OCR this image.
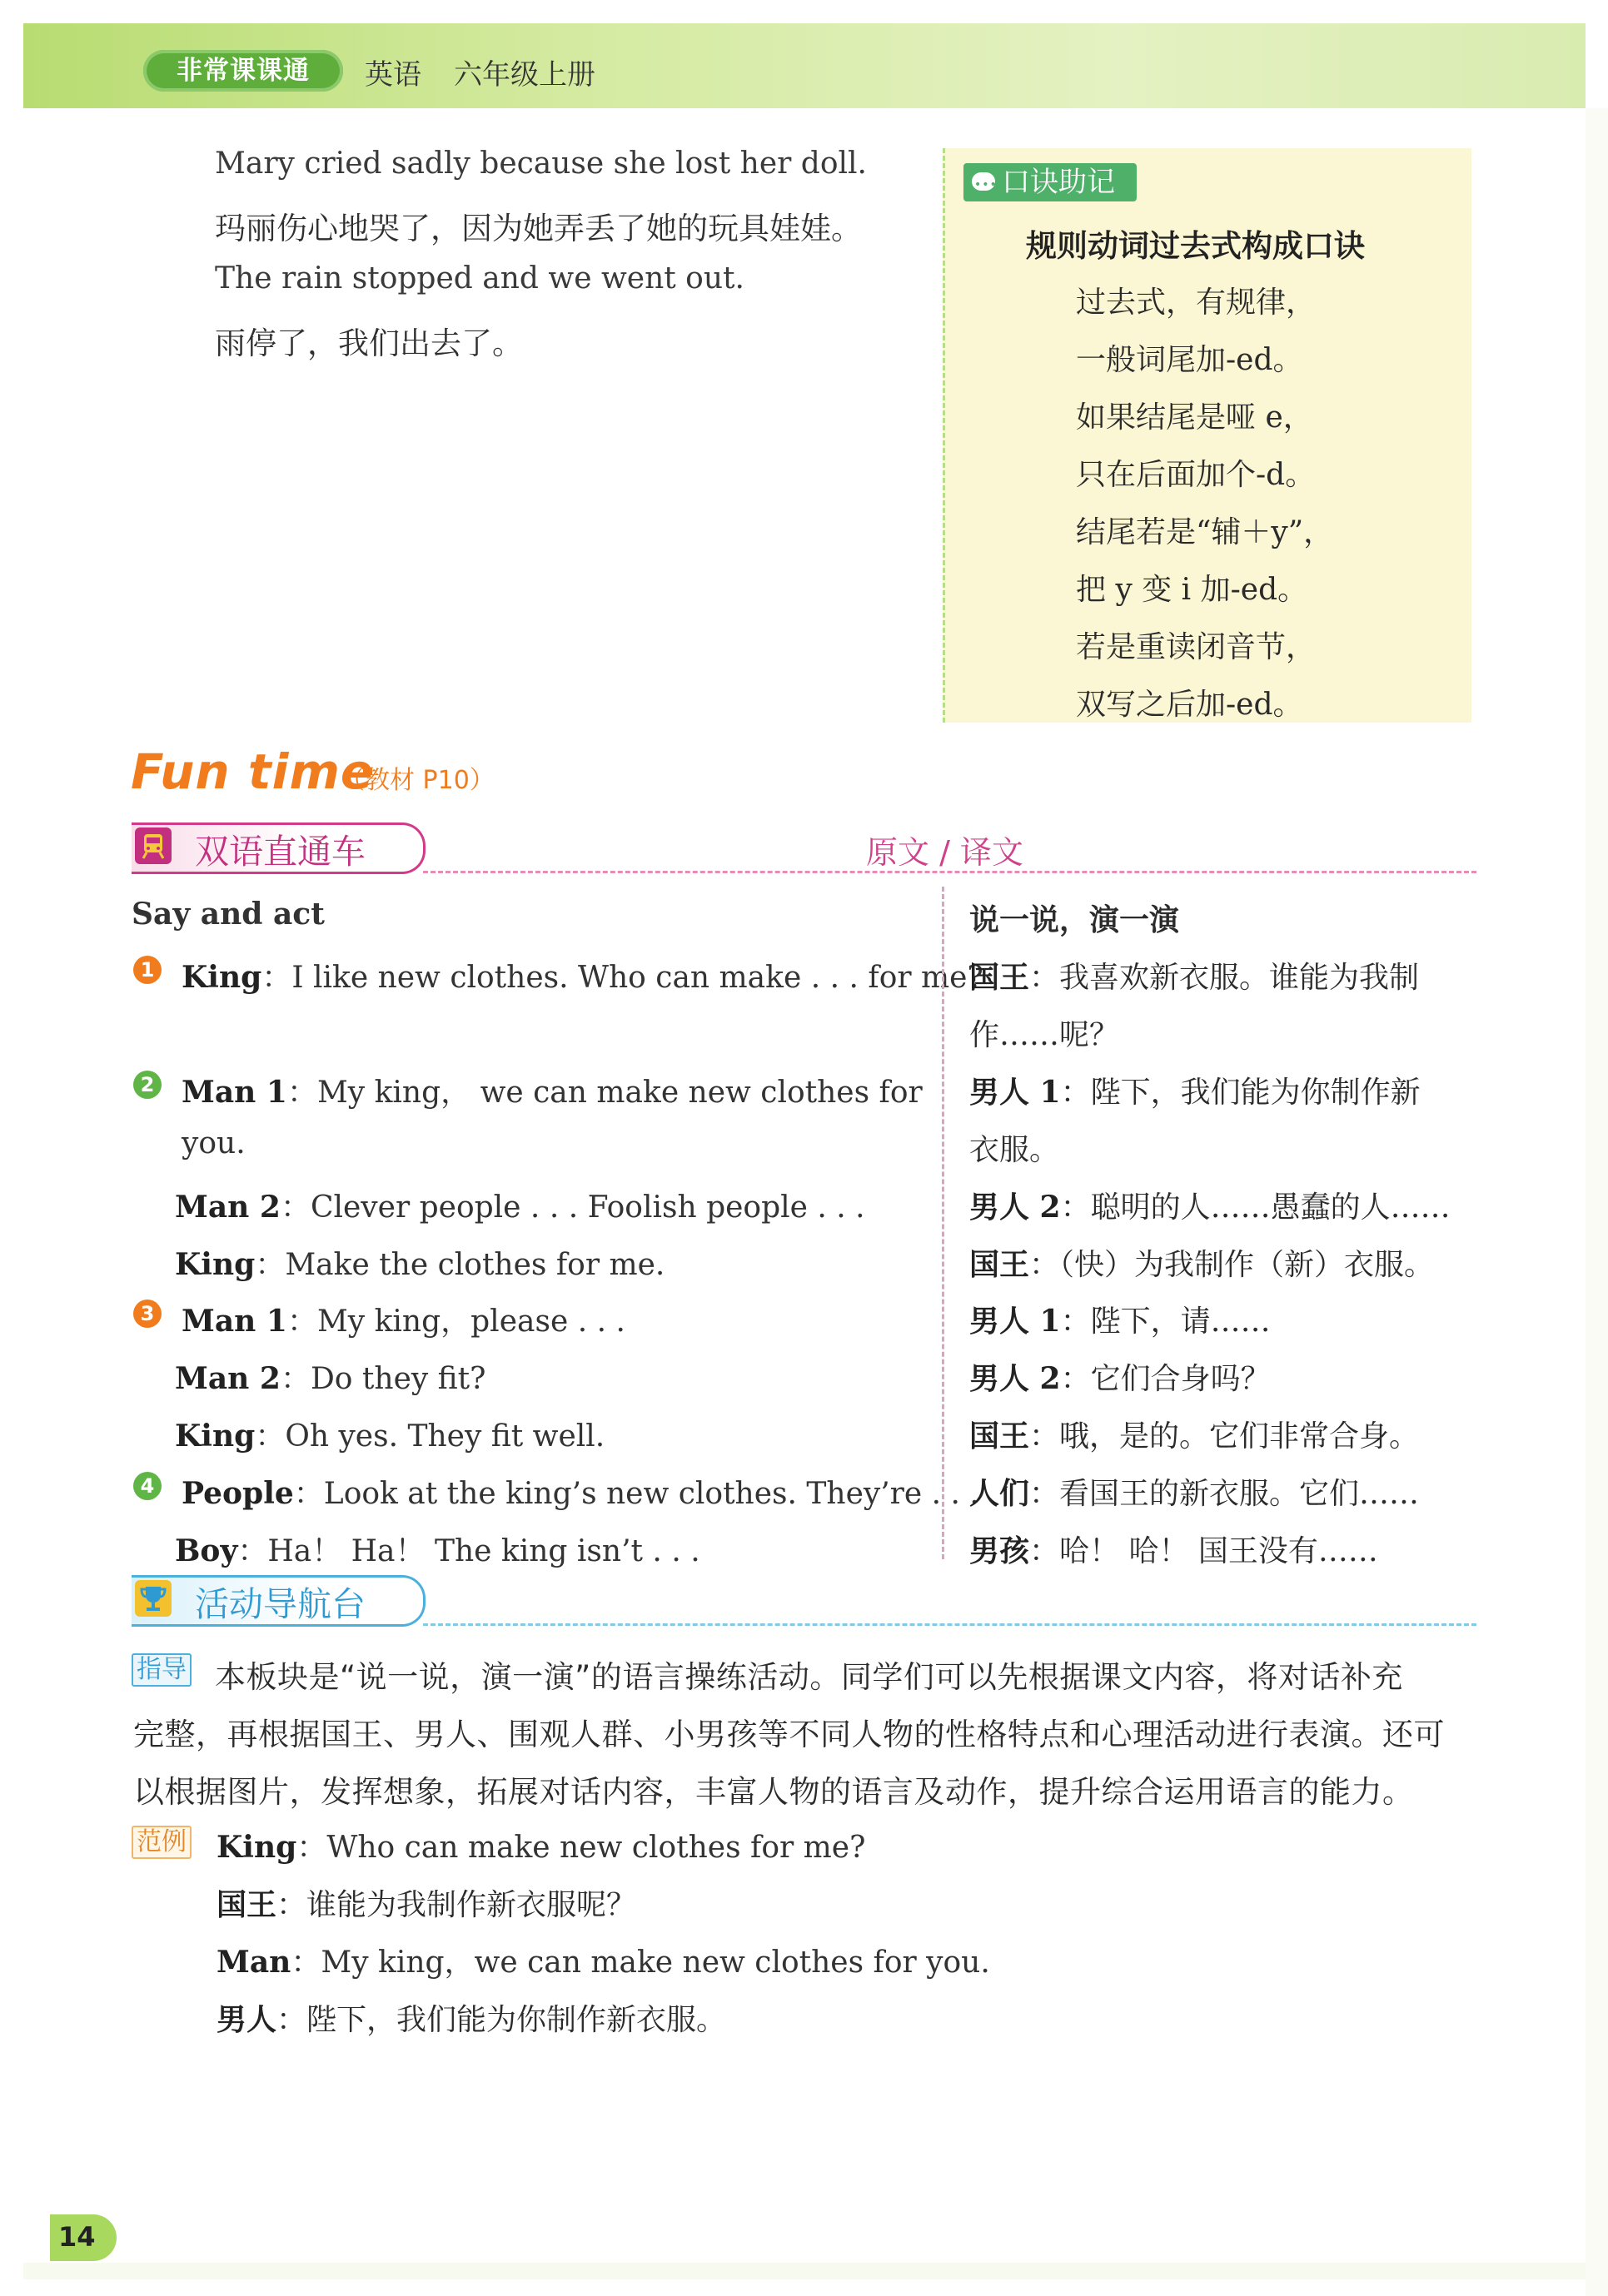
非常课课通	英语 六年级上册
Mary cried sadly because she lost her doll.
玛丽伤心地哭了，因为她弄丢了她的玩具娃娃。
The rain stopped and we went out.
雨停了，我们出去了。
•••口诀助记
规则动词过去式构成口诀
过去式，有规律，
一般词尾加-ed。
如果结尾是哑 e，
只在后面加个-d。
结尾若是“辅＋y”，
把 y 变 i 加-ed。
若是重读闭音节，
双写之后加-ed。
Fun time
（教材 P10）
双语直通车	原文 / 译文
Say and act
1 King：I like new clothes. Who can make . . . for me?
2 Man 1：My king， we can make new clothes for
you.
Man 2：Clever people . . . Foolish people . . .
King：Make the clothes for me.
3 Man 1：My king，please . . .
Man 2：Do they fit?
King：Oh yes. They fit well.
4 People：Look at the king’s new clothes. They’re . . .
Boy：Ha！ Ha！ The king isn’t . . .
说一说，演一演
国王：我喜欢新衣服。谁能为我制
作……呢？
男人 1：陛下，我们能为你制作新
衣服。
男人 2：聪明的人……愚蠢的人……
国王：（快）为我制作（新）衣服。
男人 1：陛下，请……
男人 2：它们合身吗？
国王：哦，是的。它们非常合身。
人们：看国王的新衣服。它们……
男孩：哈！ 哈！ 国王没有……
活动导航台
指导 本板块是“说一说，演一演”的语言操练活动。同学们可以先根据课文内容，将对话补充
完整，再根据国王、男人、围观人群、小男孩等不同人物的性格特点和心理活动进行表演。还可
以根据图片，发挥想象，拓展对话内容，丰富人物的语言及动作，提升综合运用语言的能力。
范例 King：Who can make new clothes for me?
国王：谁能为我制作新衣服呢？
Man：My king，we can make new clothes for you.
男人：陛下，我们能为你制作新衣服。
14
